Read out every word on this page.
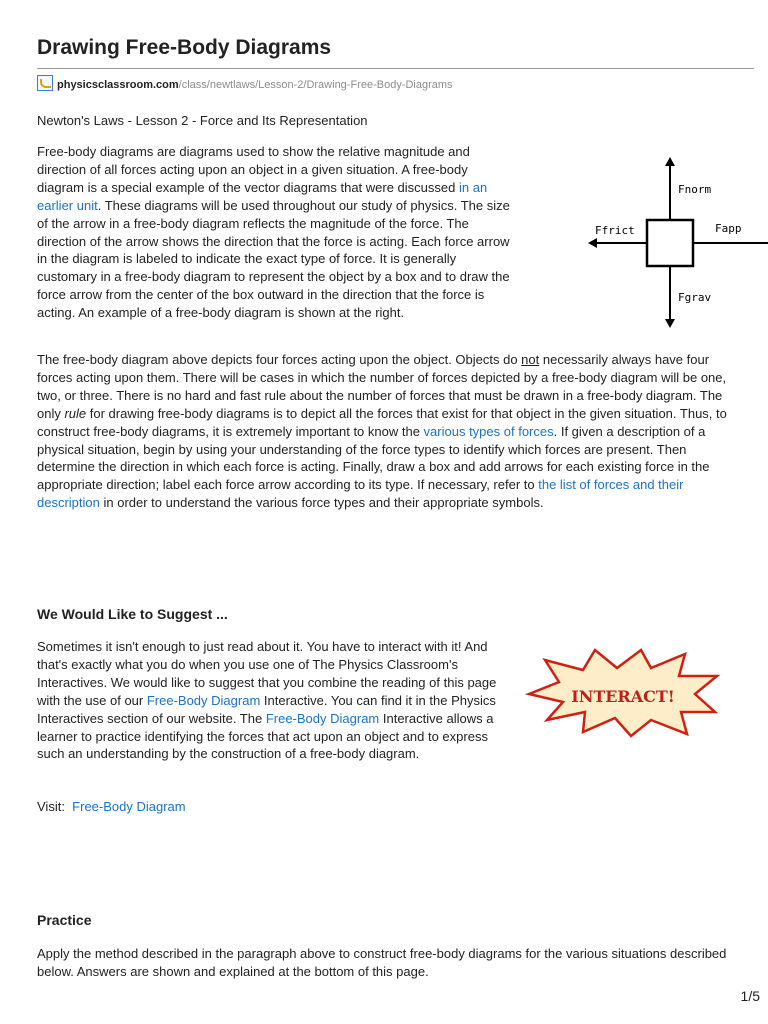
Drawing Free-Body Diagrams
physicsclassroom.com /class/newtlaws/Lesson-2/Drawing-Free-Body-Diagrams
Newton's Laws - Lesson 2 - Force and Its Representation

Free-body diagrams are diagrams used to show the relative magnitude and direction of all forces acting upon an object in a given situation. A free-body diagram is a special example of the vector diagrams that were discussed in an earlier unit. These diagrams will be used throughout our study of physics. The size of the arrow in a free-body diagram reflects the magnitude of the force. The direction of the arrow shows the direction that the force is acting. Each force arrow in the diagram is labeled to indicate the exact type of force. It is generally customary in a free-body diagram to represent the object by a box and to draw the force arrow from the center of the box outward in the direction that the force is acting. An example of a free-body diagram is shown at the right.

Fnorm
Ffrict	Fapp
Fgrav

The free-body diagram above depicts four forces acting upon the object. Objects do not necessarily always have four forces acting upon them. There will be cases in which the number of forces depicted by a free-body diagram will be one, two, or three. There is no hard and fast rule about the number of forces that must be drawn in a free-body diagram. The only rule for drawing free-body diagrams is to depict all the forces that exist for that object in the given situation. Thus, to construct free-body diagrams, it is extremely important to know the various types of forces. If given a description of a physical situation, begin by using your understanding of the force types to identify which forces are present. Then determine the direction in which each force is acting. Finally, draw a box and add arrows for each existing force in the appropriate direction; label each force arrow according to its type. If necessary, refer to the list of forces and their description in order to understand the various force types and their appropriate symbols.

We Would Like to Suggest ...

Sometimes it isn't enough to just read about it. You have to interact with it! And that's exactly what you do when you use one of The Physics Classroom's Interactives. We would like to suggest that you combine the reading of this page with the use of our Free-Body Diagram Interactive. You can find it in the Physics Interactives section of our website. The Free-Body Diagram Interactive allows a learner to practice identifying the forces that act upon an object and to express such an understanding by the construction of a free-body diagram.

INTERACT!
Visit: Free-Body Diagram
Practice

Apply the method described in the paragraph above to construct free-body diagrams for the various situations described below. Answers are shown and explained at the bottom of this page.

1/5
